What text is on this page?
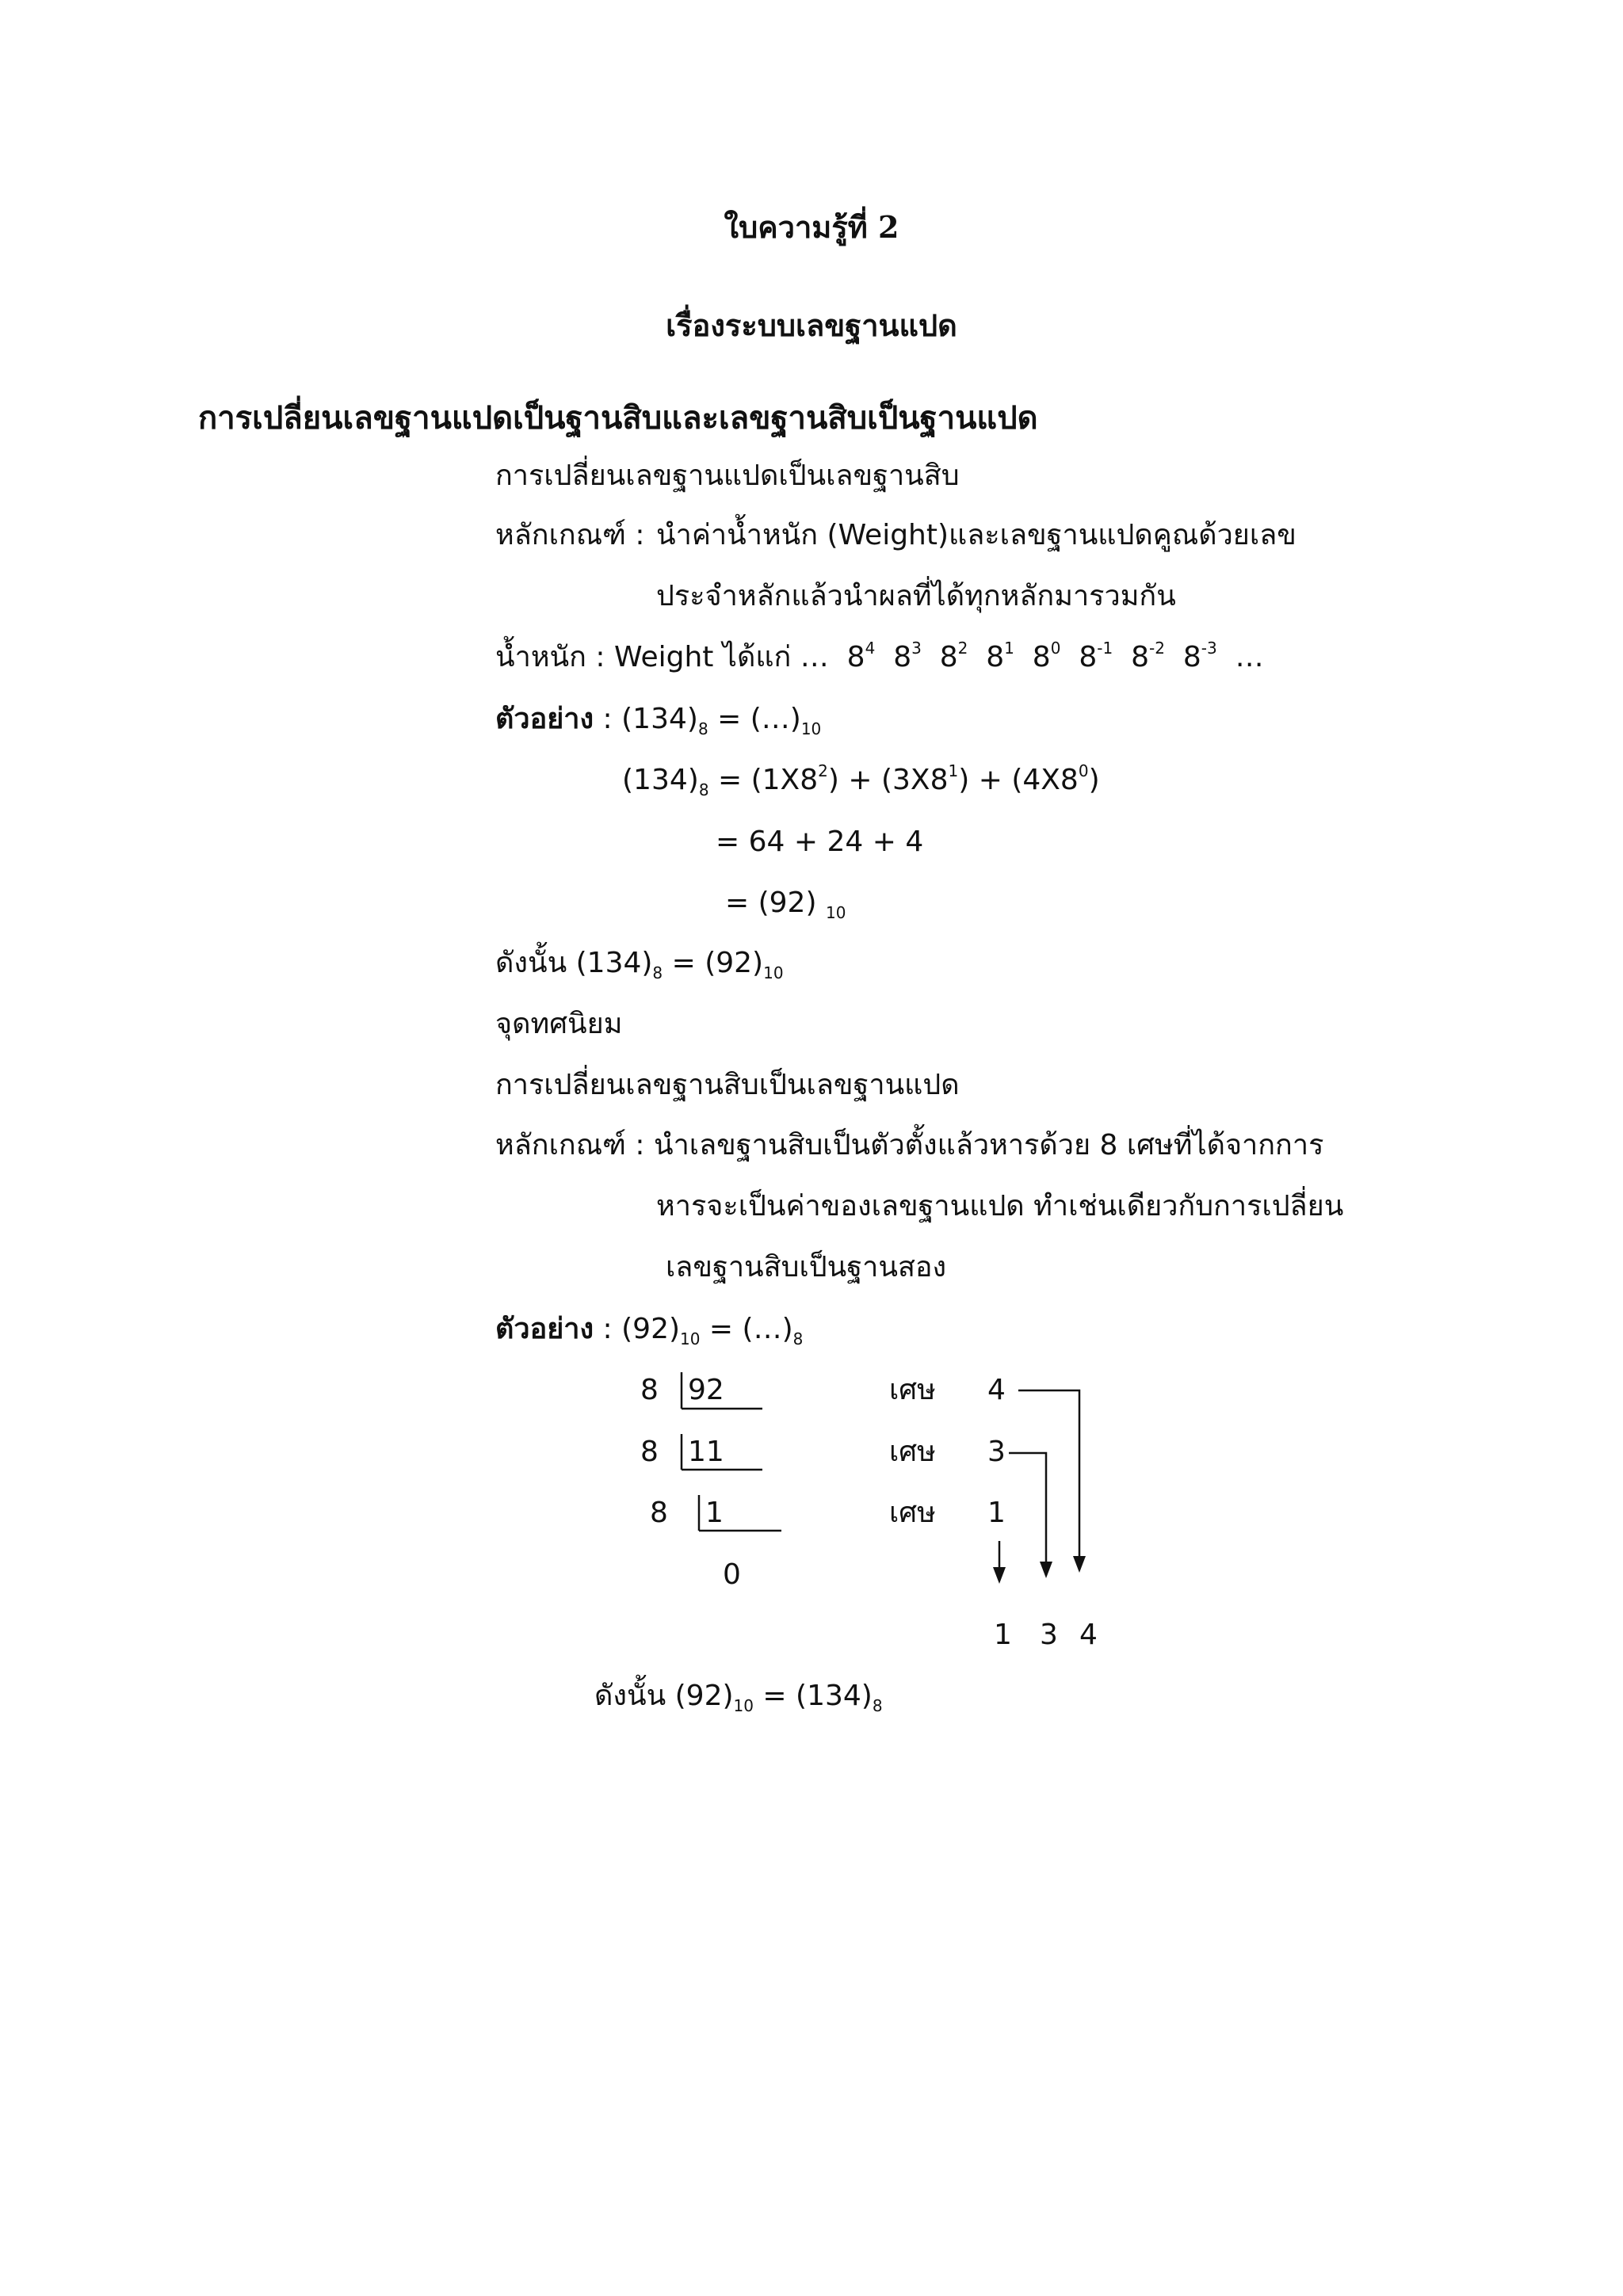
ใบความรู้ที่ 2
เรื่องระบบเลขฐานแปด
การเปลี่ยนเลขฐานแปดเป็นฐานสิบและเลขฐานสิบเป็นฐานแปด
การเปลี่ยนเลขฐานแปดเป็นเลขฐานสิบ
หลักเกณฑ์ : นำค่าน้ำหนัก (Weight)และเลขฐานแปดคูณด้วยเลข
ประจำหลักแล้วนำผลที่ได้ทุกหลักมารวมกัน
น้ำหนัก : Weight ได้แก่ … $8^4$ $8^3$ $8^2$ $8^1$ $8^0$ $8^{-1}$ $8^{-2}$ $8^{-3}$ …
ตัวอย่าง : $(134)_8$ = $(\dots)_{10}$
$(134)_8 = (1X8^2) + (3X8^1) + (4X8^0)$
= 64 + 24 + 4
= (92) $_{10}$
ดังนั้น $(134)_8 = (92)_{10}$
จุดทศนิยม
การเปลี่ยนเลขฐานสิบเป็นเลขฐานแปด
หลักเกณฑ์ : นำเลขฐานสิบเป็นตัวตั้งแล้วหารด้วย 8 เศษที่ได้จากการ
หารจะเป็นค่าของเลขฐานแปด ทำเช่นเดียวกับการเปลี่ยน
เลขฐานสิบเป็นฐานสอง
ตัวอย่าง : $(92)_{10}$ = $(\dots)_8$
8 92	เศษ 4
8 11	เศษ 3
8 1	เศษ 1
0
1 3 4
ดังนั้น $(92)_{10} = (134)_8$
